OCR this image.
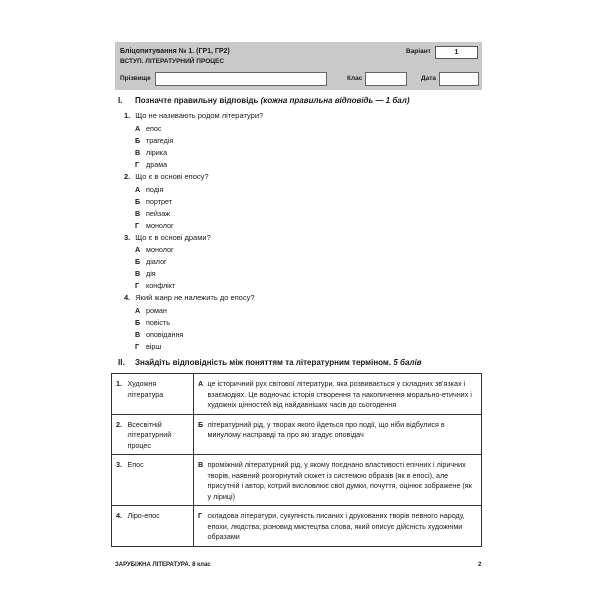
Бліцопитування № 1. (ГР1, ГР2)
ВСТУП. ЛІТЕРАТУРНИЙ ПРОЦЕС
Варіант	1
Прізвище	Клас	Дата
I. Позначте правильну відповідь (кожна правильна відповідь — 1 бал)
1. Що не називають родом літератури?
А епос
Б трагедія
В лірика
Г драма
2. Що є в основі епосу?
А подія
Б портрет
В пейзаж
Г монолог
3. Що є в основі драми?
А монолог
Б діалог
В дія
Г конфлікт
4. Який жанр не належить до епосу?
А роман
Б повість
В оповідання
Г вірш
II. Знайдіть відповідність між поняттям та літературним терміном. 5 балів
1.	Художня література	А	це історичний рух світової літератури, яка розвивається у складних зв'язках і взаємодіях. Це водночас історія створення та накопичення морально-етичних і художніх цінностей від найдавніших часів до сьогодення
2.	Всесвітній літературний процес	Б	літературний рід, у творах якого йдеться про події, що ніби відбулися в минулому насправді та про які згадує оповідач
3.	Епос	В	проміжний літературний рід, у якому поєднано властивості епічних і ліричних творів, наявний розгорнутий сюжет із системою образів (як в епосі), але присутній і автор, котрий висловлює свої думки, почуття, оцінює зображене (як у ліриці)
4.	Ліро-епос	Г	складова літератури, сукупність писаних і друкованих творів певного народу, епохи, людства; різновид мистецтва слова, який описує дійсність художніми образами
ЗАРУБІЖНА ЛІТЕРАТУРА. 8 клас	2
